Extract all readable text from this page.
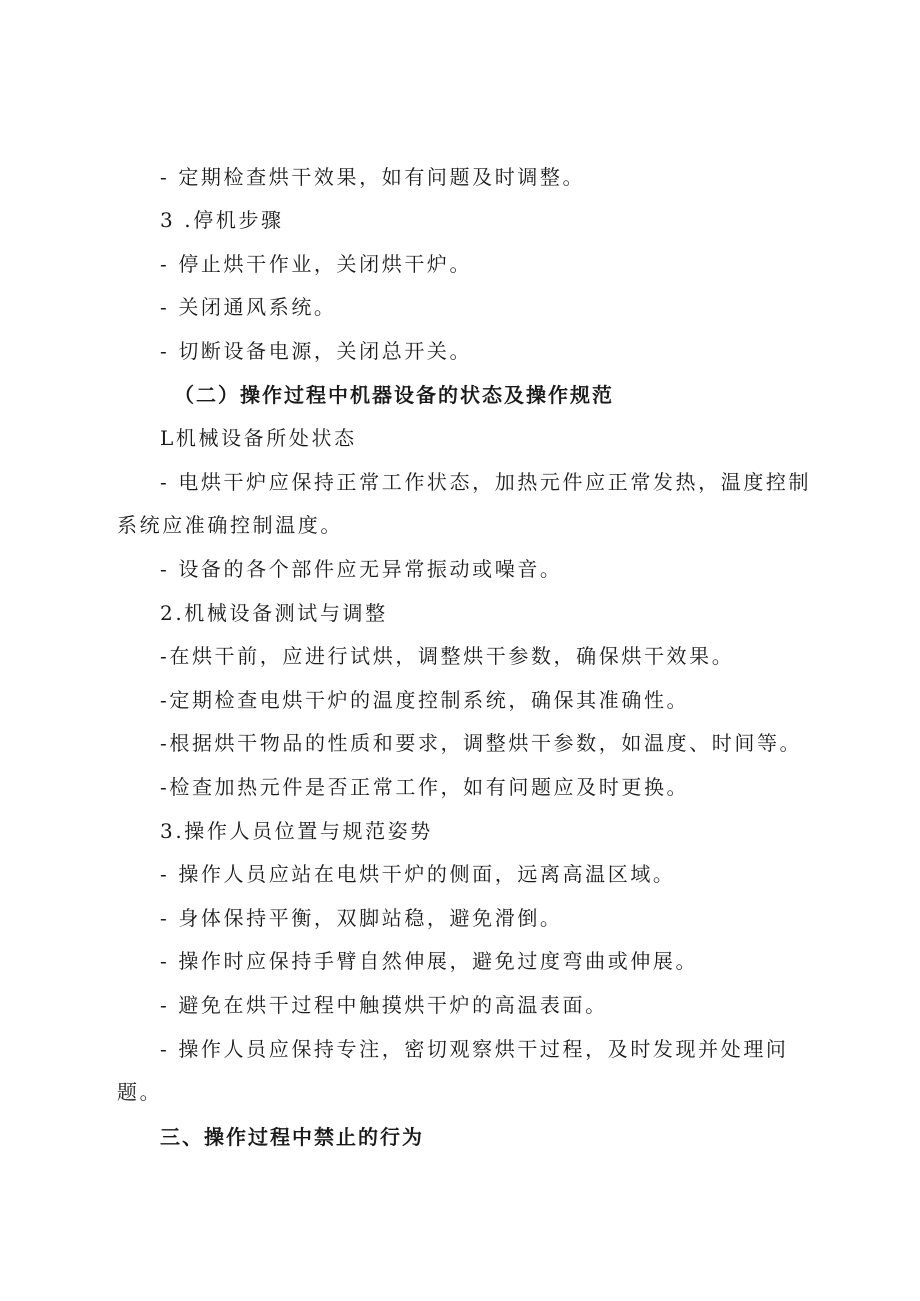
- 定期检查烘干效果，如有问题及时调整。

3 .停机步骤

- 停止烘干作业，关闭烘干炉。

- 关闭通风系统。

- 切断设备电源，关闭总开关。

（二）操作过程中机器设备的状态及操作规范

L机械设备所处状态

- 电烘干炉应保持正常工作状态，加热元件应正常发热，温度控制

系统应准确控制温度。

- 设备的各个部件应无异常振动或噪音。

2.机械设备测试与调整

-在烘干前，应进行试烘，调整烘干参数，确保烘干效果。

-定期检查电烘干炉的温度控制系统，确保其准确性。

-根据烘干物品的性质和要求，调整烘干参数，如温度、时间等。

-检查加热元件是否正常工作，如有问题应及时更换。

3.操作人员位置与规范姿势

- 操作人员应站在电烘干炉的侧面，远离高温区域。

- 身体保持平衡，双脚站稳，避免滑倒。

- 操作时应保持手臂自然伸展，避免过度弯曲或伸展。

- 避免在烘干过程中触摸烘干炉的高温表面。

- 操作人员应保持专注，密切观察烘干过程，及时发现并处理问

题。

三、操作过程中禁止的行为
